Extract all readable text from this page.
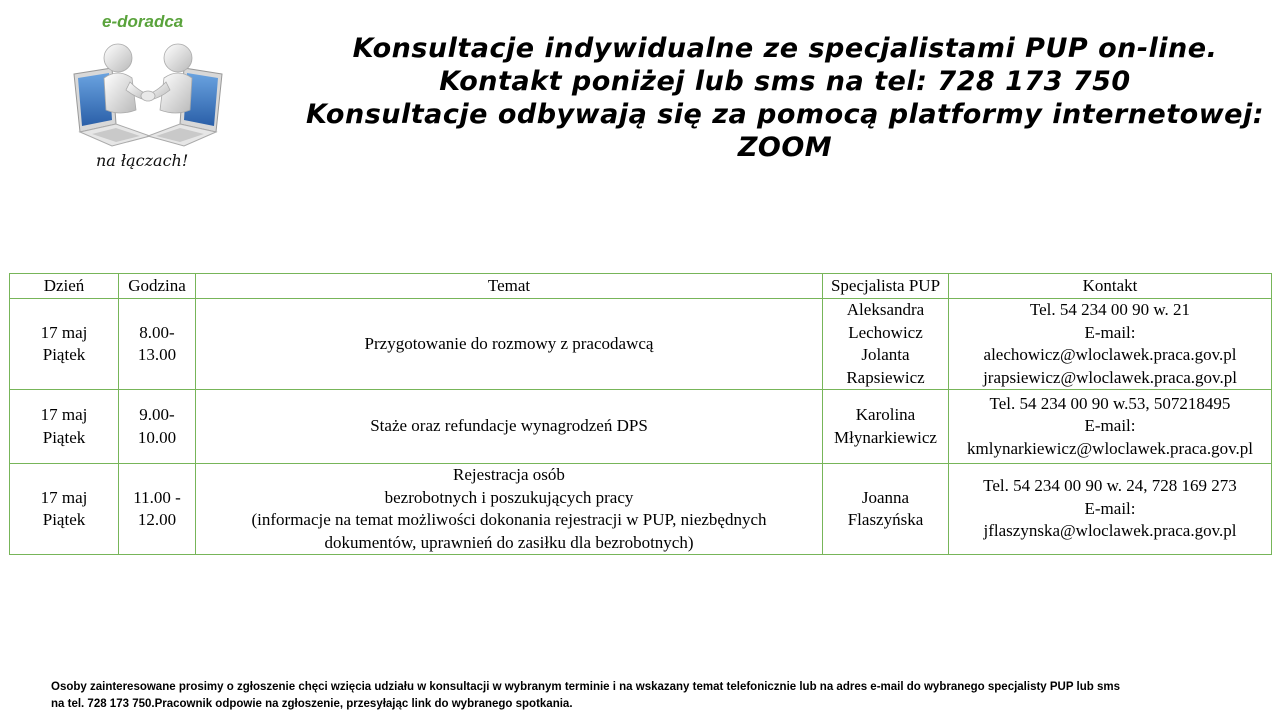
e-doradca
na łączach!
Konsultacje indywidualne ze specjalistami PUP on-line.
Kontakt poniżej lub sms na tel: 728 173 750
Konsultacje odbywają się za pomocą platformy internetowej: ZOOM
Dzień	Godzina	Temat	Specjalista PUP	Kontakt

17 maj
Piątek	8.00-
13.00	Przygotowanie do rozmowy z pracodawcą	Aleksandra
Lechowicz
Jolanta
Rapsiewicz	Tel. 54 234 00 90 w. 21
E-mail:
alechowicz@wloclawek.praca.gov.pl
jrapsiewicz@wloclawek.praca.gov.pl

17 maj
Piątek	9.00-
10.00	Staże oraz refundacje wynagrodzeń DPS	Karolina
Młynarkiewicz	Tel. 54 234 00 90 w.53, 507218495
E-mail:
kmlynarkiewicz@wloclawek.praca.gov.pl

17 maj
Piątek	11.00 -
12.00	Rejestracja osób
bezrobotnych i poszukujących pracy
(informacje na temat możliwości dokonania rejestracji w PUP, niezbędnych
dokumentów, uprawnień do zasiłku dla bezrobotnych)	Joanna
Flaszyńska	Tel. 54 234 00 90 w. 24, 728 169 273
E-mail:
jflaszynska@wloclawek.praca.gov.pl
Osoby zainteresowane prosimy o zgłoszenie chęci wzięcia udziału w konsultacji w wybranym terminie i na wskazany temat telefonicznie lub na adres e-mail do wybranego specjalisty PUP lub sms
na tel. 728 173 750.Pracownik odpowie na zgłoszenie, przesyłając link do wybranego spotkania.
